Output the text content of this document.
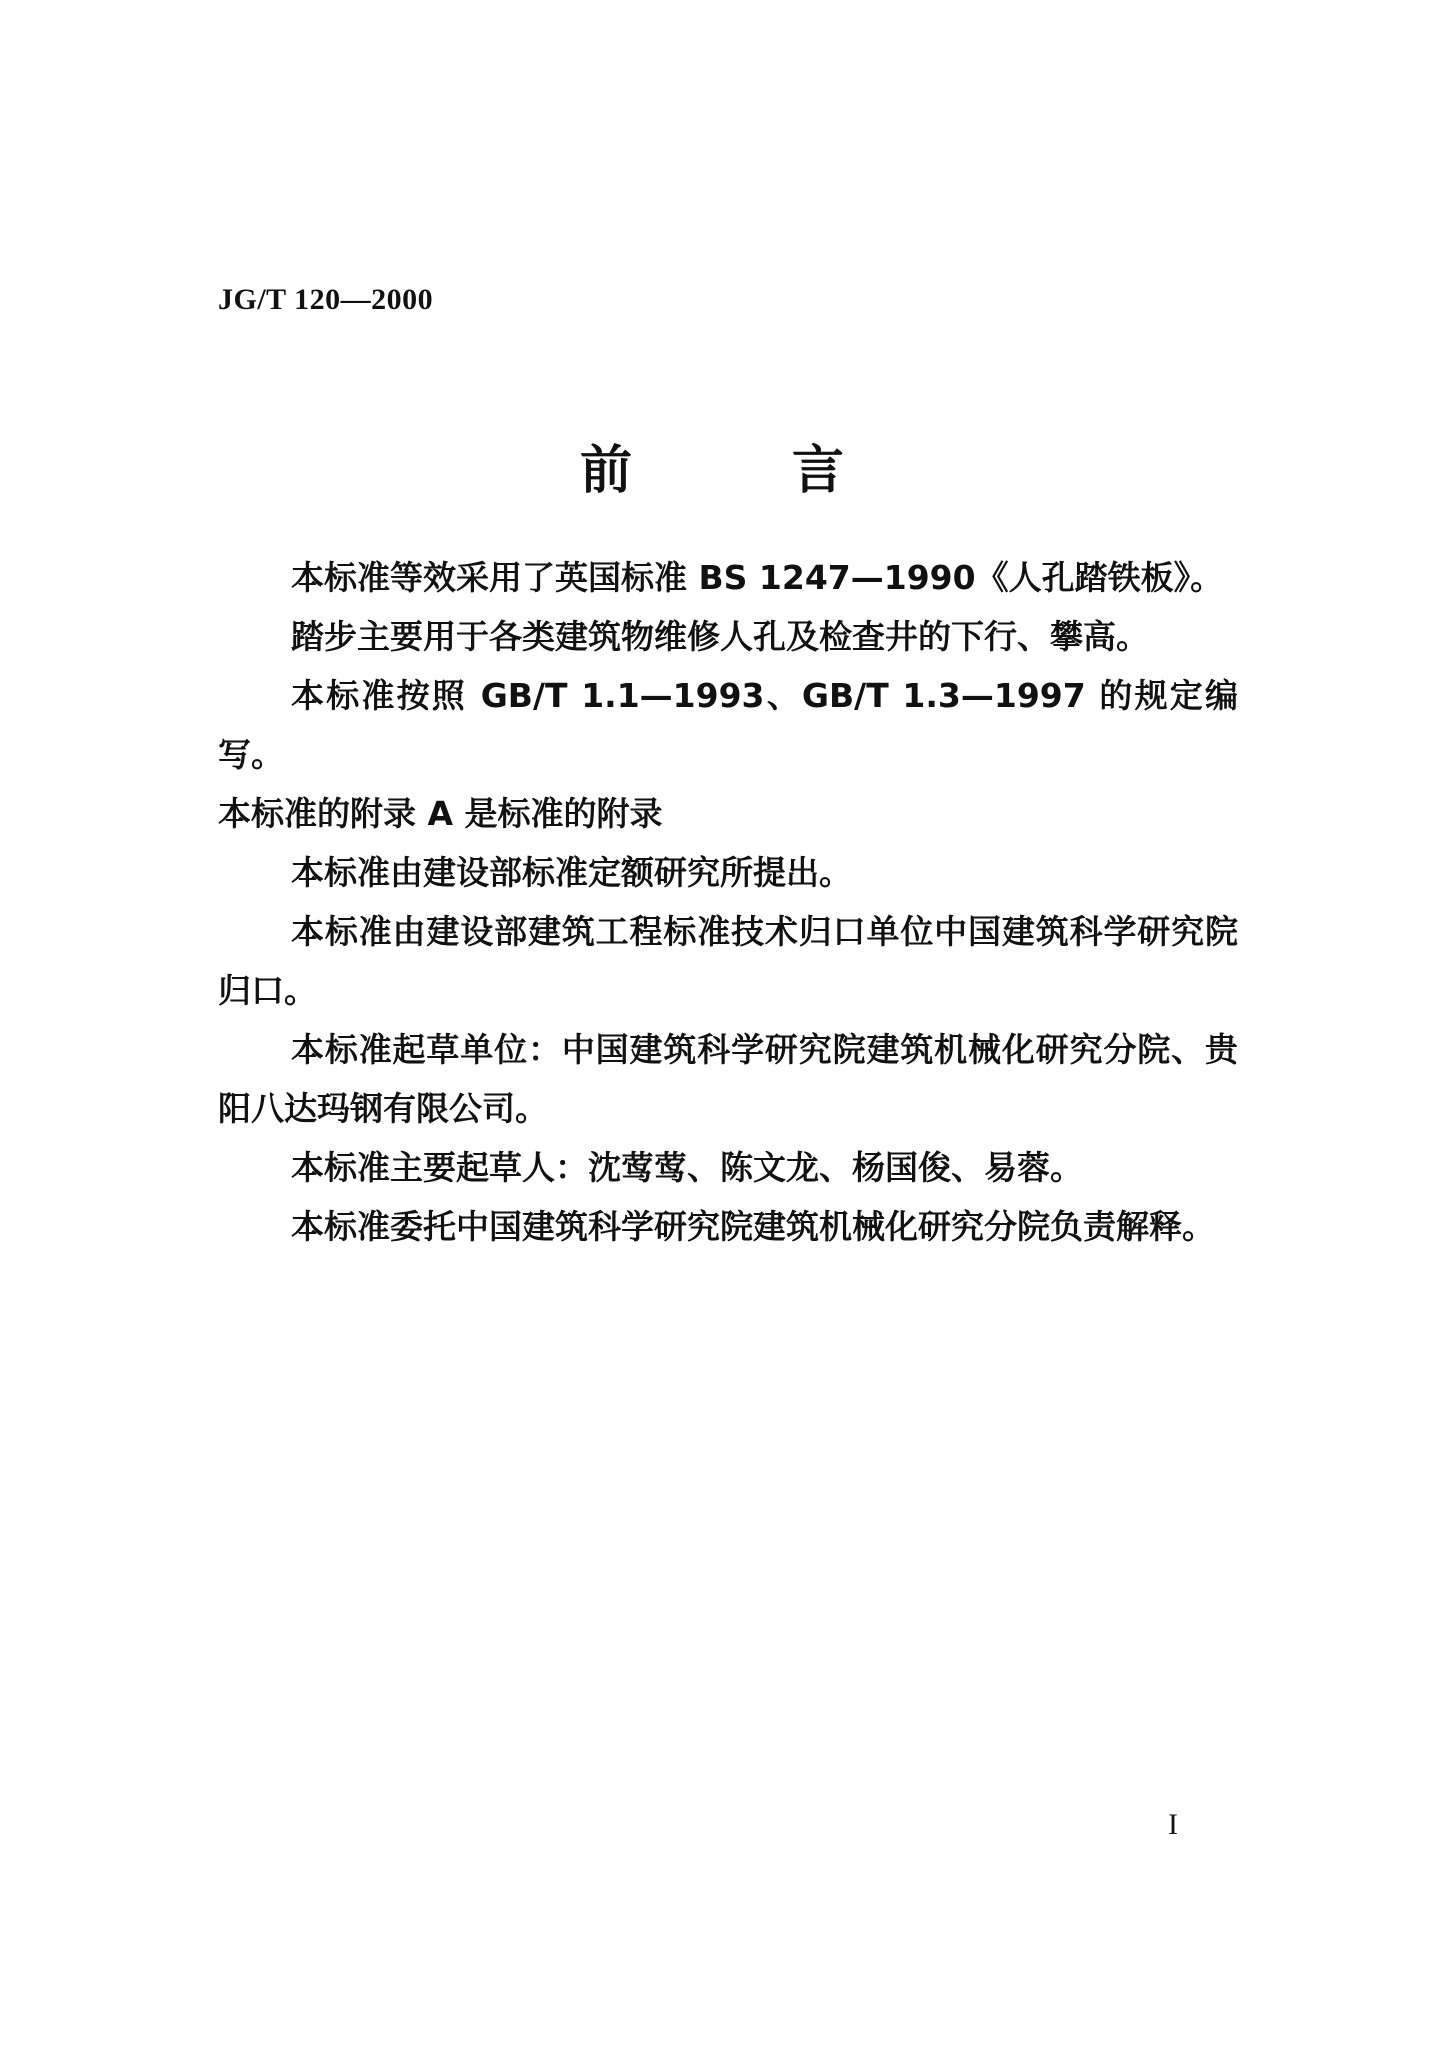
JG/T 120—2000
前言

本标准等效采用了英国标准 BS 1247—1990《人孔踏铁板》。

踏步主要用于各类建筑物维修人孔及检查井的下行、攀高。

本标准按照 GB/T 1.1—1993、GB/T 1.3—1997 的规定编写。

本标准的附录 A 是标准的附录

本标准由建设部标准定额研究所提出。

本标准由建设部建筑工程标准技术归口单位中国建筑科学研究院归口。

本标准起草单位：中国建筑科学研究院建筑机械化研究分院、贵阳八达玛钢有限公司。

本标准主要起草人：沈莺莺、陈文龙、杨国俊、易蓉。

本标准委托中国建筑科学研究院建筑机械化研究分院负责解释。

I
